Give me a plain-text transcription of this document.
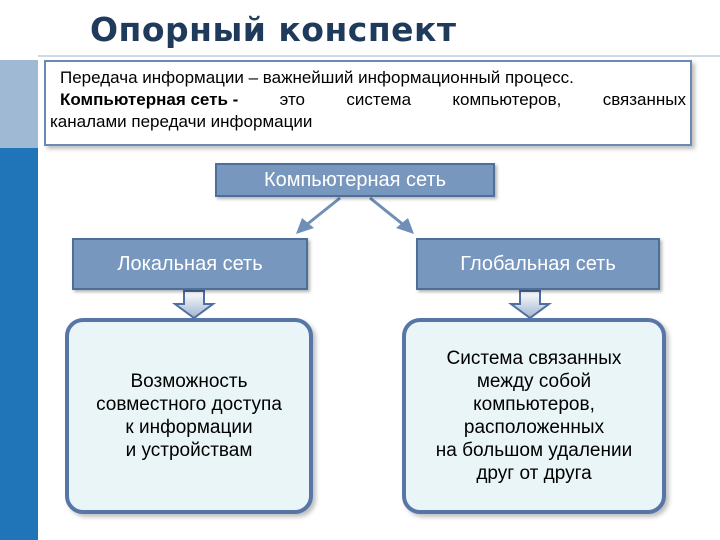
Опорный конспект
Передача информации – важнейший информационный процесс.
Компьютерная сеть - это система компьютеров, связанных
каналами передачи информации
Компьютерная сеть
Локальная сеть	Глобальная сеть
Возможность
совместного доступа
к информации
и устройствам
Система связанных
между собой
компьютеров,
расположенных
на большом удалении
друг от друга
